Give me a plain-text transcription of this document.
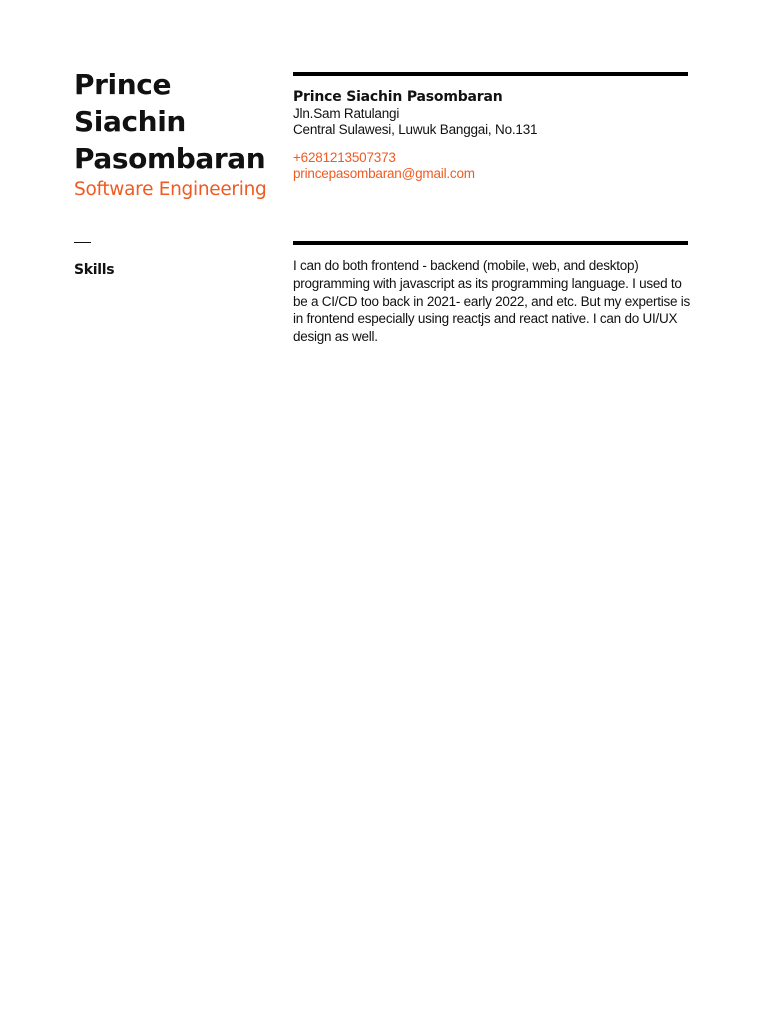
Prince Siachin Pasombaran
Software Engineering
Prince Siachin Pasombaran
Jln.Sam Ratulangi
Central Sulawesi, Luwuk Banggai, No.131
+6281213507373
princepasombaran@gmail.com
Skills	I can do both frontend - backend (mobile, web, and desktop) programming with javascript as its programming language. I used to be a CI/CD too back in 2021- early 2022, and etc. But my expertise is in frontend especially using reactjs and react native. I can do UI/UX design as well.
